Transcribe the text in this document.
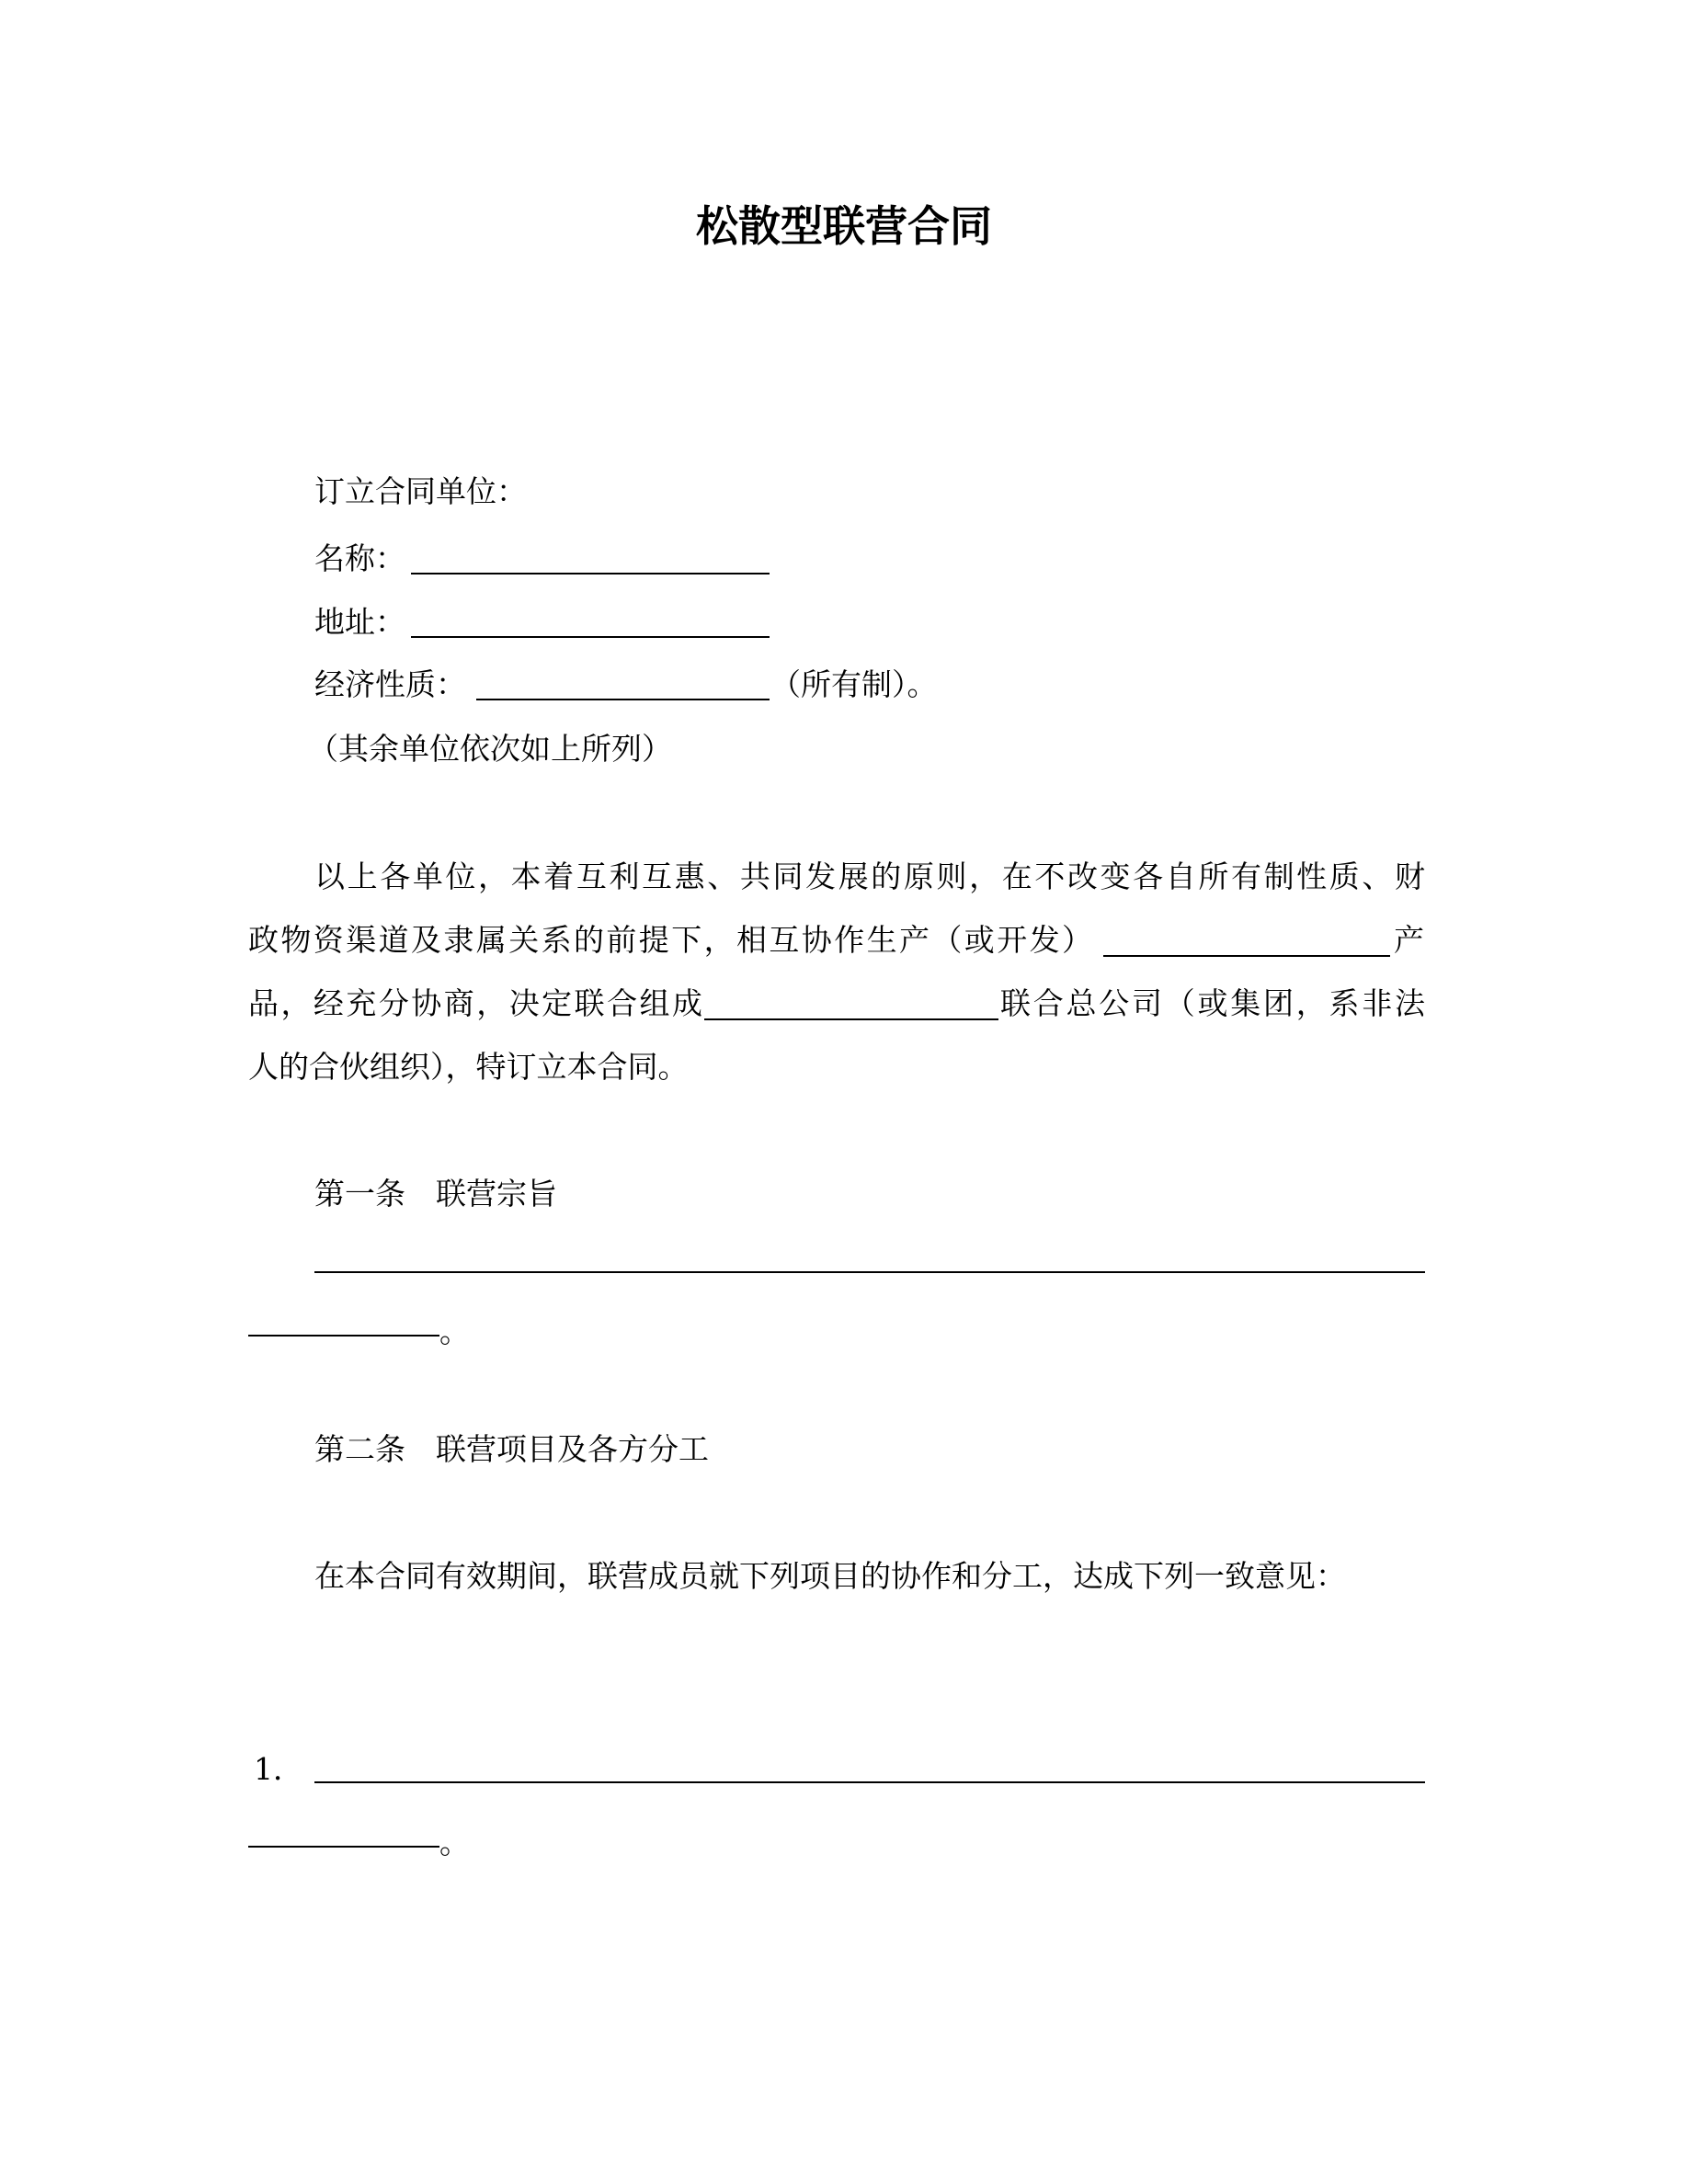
松散型联营合同
订立合同单位：
名称：
地址：
经济性质：	（所有制）。
（其余单位依次如上所列）
以上各单位，本着互利互惠、共同发展的原则，在不改变各自所有制性质、财
政物资渠道及隶属关系的前提下，相互协作生产（或开发）	产
品，经充分协商，决定联合组成	联合总公司（或集团，系非法
人的合伙组织），特订立本合同。
第一条　联营宗旨
。
第二条　联营项目及各方分工
在本合同有效期间，联营成员就下列项目的协作和分工，达成下列一致意见：
1．
。
